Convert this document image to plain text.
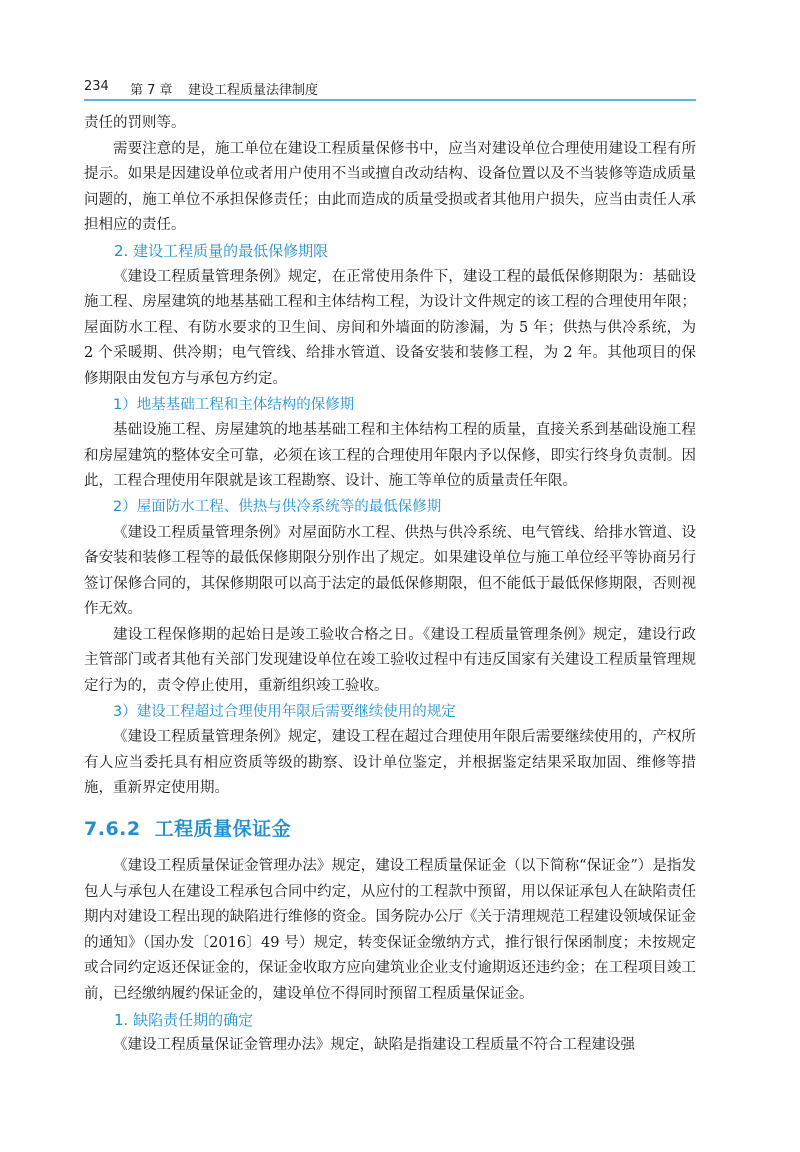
234 第 7 章 建设工程质量法律制度

责任的罚则等。

需要注意的是，施工单位在建设工程质量保修书中，应当对建设单位合理使用建设工程有所提示。如果是因建设单位或者用户使用不当或擅自改动结构、设备位置以及不当装修等造成质量问题的，施工单位不承担保修责任；由此而造成的质量受损或者其他用户损失，应当由责任人承担相应的责任。

2. 建设工程质量的最低保修期限

《建设工程质量管理条例》规定，在正常使用条件下，建设工程的最低保修期限为：基础设施工程、房屋建筑的地基基础工程和主体结构工程，为设计文件规定的该工程的合理使用年限；屋面防水工程、有防水要求的卫生间、房间和外墙面的防渗漏，为 5 年；供热与供冷系统，为 2 个采暖期、供冷期；电气管线、给排水管道、设备安装和装修工程，为 2 年。其他项目的保修期限由发包方与承包方约定。

1）地基基础工程和主体结构的保修期

基础设施工程、房屋建筑的地基基础工程和主体结构工程的质量，直接关系到基础设施工程和房屋建筑的整体安全可靠，必须在该工程的合理使用年限内予以保修，即实行终身负责制。因此，工程合理使用年限就是该工程勘察、设计、施工等单位的质量责任年限。

2）屋面防水工程、供热与供冷系统等的最低保修期

《建设工程质量管理条例》对屋面防水工程、供热与供冷系统、电气管线、给排水管道、设备安装和装修工程等的最低保修期限分别作出了规定。如果建设单位与施工单位经平等协商另行签订保修合同的，其保修期限可以高于法定的最低保修期限，但不能低于最低保修期限，否则视作无效。

建设工程保修期的起始日是竣工验收合格之日。《建设工程质量管理条例》规定，建设行政主管部门或者其他有关部门发现建设单位在竣工验收过程中有违反国家有关建设工程质量管理规定行为的，责令停止使用，重新组织竣工验收。

3）建设工程超过合理使用年限后需要继续使用的规定

《建设工程质量管理条例》规定，建设工程在超过合理使用年限后需要继续使用的，产权所有人应当委托具有相应资质等级的勘察、设计单位鉴定，并根据鉴定结果采取加固、维修等措施，重新界定使用期。

7.6.2 工程质量保证金

《建设工程质量保证金管理办法》规定，建设工程质量保证金（以下简称“保证金”）是指发包人与承包人在建设工程承包合同中约定，从应付的工程款中预留，用以保证承包人在缺陷责任期内对建设工程出现的缺陷进行维修的资金。国务院办公厅《关于清理规范工程建设领域保证金的通知》（国办发〔2016〕49 号）规定，转变保证金缴纳方式，推行银行保函制度；未按规定或合同约定返还保证金的，保证金收取方应向建筑业企业支付逾期返还违约金；在工程项目竣工前，已经缴纳履约保证金的，建设单位不得同时预留工程质量保证金。

1. 缺陷责任期的确定

《建设工程质量保证金管理办法》规定，缺陷是指建设工程质量不符合工程建设强
